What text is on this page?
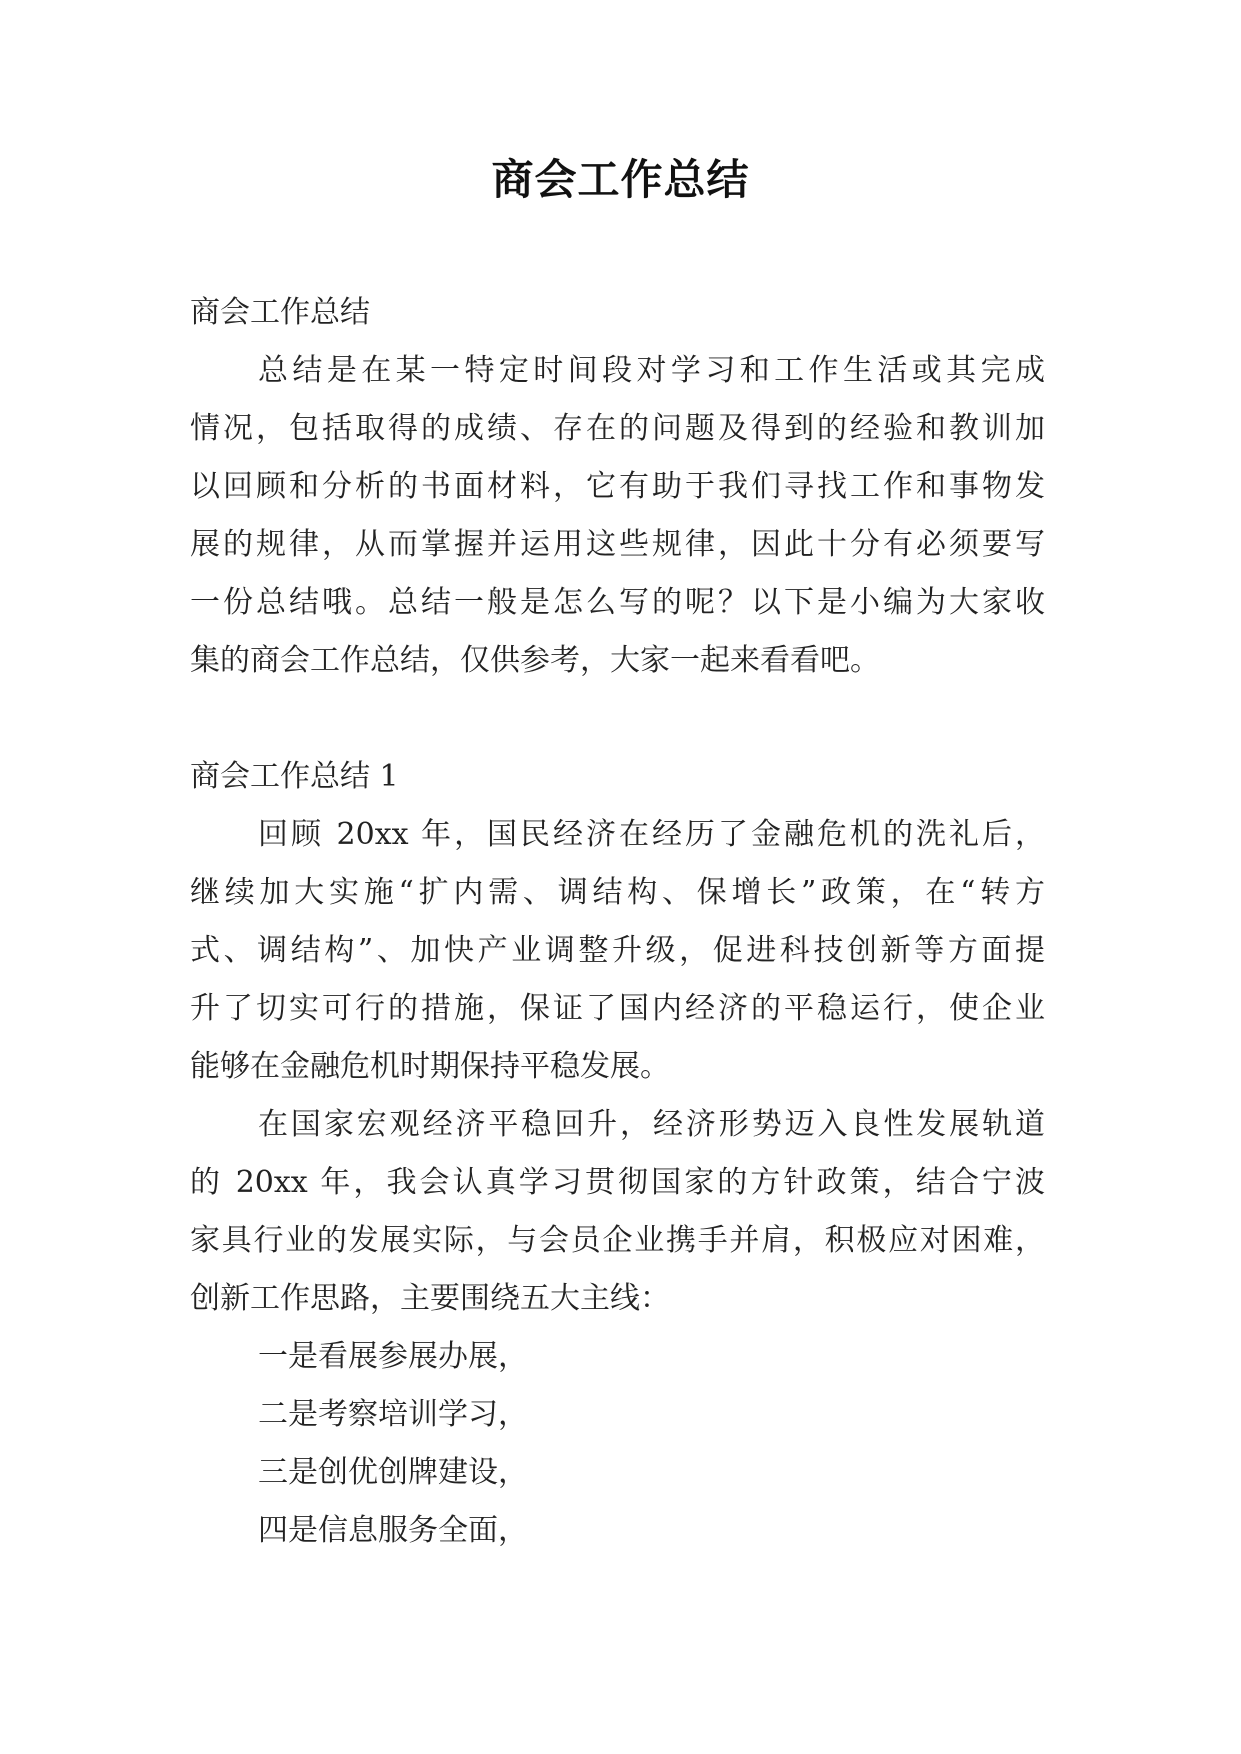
商会工作总结
商会工作总结
总结是在某一特定时间段对学习和工作生活或其完成
情况，包括取得的成绩、存在的问题及得到的经验和教训加
以回顾和分析的书面材料，它有助于我们寻找工作和事物发
展的规律，从而掌握并运用这些规律，因此十分有必须要写
一份总结哦。总结一般是怎么写的呢？以下是小编为大家收
集的商会工作总结，仅供参考，大家一起来看看吧。
商会工作总结 1
回顾 20xx 年，国民经济在经历了金融危机的洗礼后，
继续加大实施“扩内需、调结构、保增长”政策，在“转方
式、调结构”、加快产业调整升级，促进科技创新等方面提
升了切实可行的措施，保证了国内经济的平稳运行，使企业
能够在金融危机时期保持平稳发展。
在国家宏观经济平稳回升，经济形势迈入良性发展轨道
的 20xx 年，我会认真学习贯彻国家的方针政策，结合宁波
家具行业的发展实际，与会员企业携手并肩，积极应对困难，
创新工作思路，主要围绕五大主线：
一是看展参展办展，
二是考察培训学习，
三是创优创牌建设，
四是信息服务全面，
